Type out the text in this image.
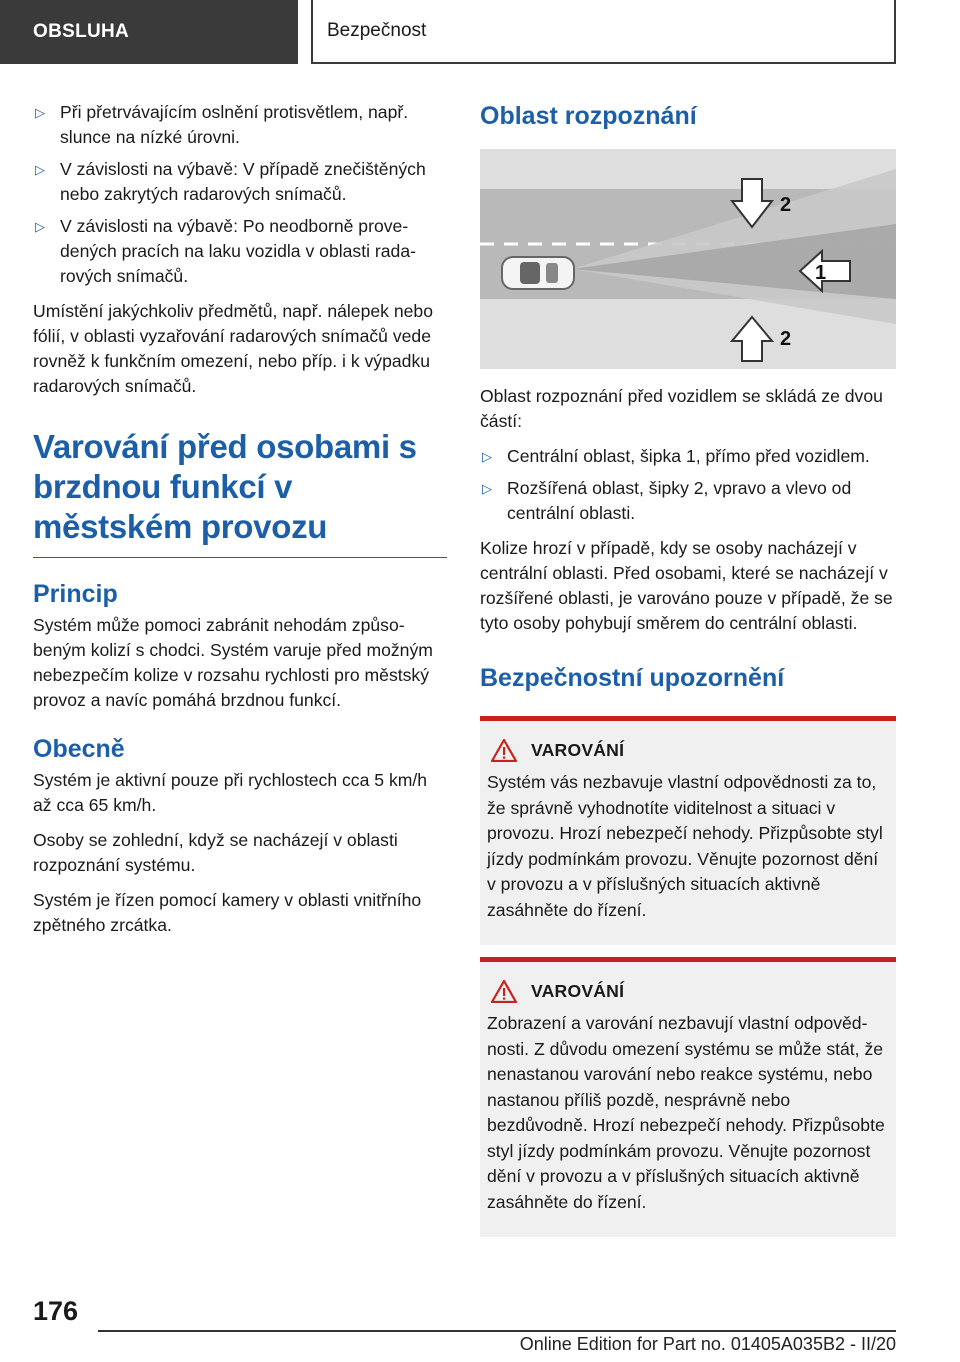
OBSLUHA	Bezpečnost
▷ Při přetrvávajícím oslnění protisvětlem, např. slunce na nízké úrovni.
▷ V závislosti na výbavě: V případě znečištěných nebo zakrytých radarových snímačů.
▷ V závislosti na výbavě: Po neodborně provedených pracích na laku vozidla v oblasti radarových snímačů.

Umístění jakýchkoliv předmětů, např. nálepek nebo fólií, v oblasti vyzařování radarových snímačů vede rovněž k funkčním omezení, nebo příp. i k výpadku radarových snímačů.

Varování před osobami s brzdnou funkcí v městském provozu
Princip

Systém může pomoci zabránit nehodám způsobeným kolizí s chodci. Systém varuje před možným nebezpečím kolize v rozsahu rychlosti pro městský provoz a navíc pomáhá brzdnou funkcí.

Obecně

Systém je aktivní pouze při rychlostech cca 5 km/h až cca 65 km/h.

Osoby se zohlední, když se nacházejí v oblasti rozpoznání systému.

Systém je řízen pomocí kamery v oblasti vnitřního zpětného zrcátka.

Oblast rozpoznání
2
1
2

Oblast rozpoznání před vozidlem se skládá ze dvou částí:

▷ Centrální oblast, šipka 1, přímo před vozidlem.
▷ Rozšířená oblast, šipky 2, vpravo a vlevo od centrální oblasti.

Kolize hrozí v případě, kdy se osoby nacházejí v centrální oblasti. Před osobami, které se nacházejí v rozšířené oblasti, je varováno pouze v případě, že se tyto osoby pohybují směrem do centrální oblasti.

Bezpečnostní upozornění
VAROVÁNÍ

Systém vás nezbavuje vlastní odpovědnosti za to, že správně vyhodnotíte viditelnost a situaci v provozu. Hrozí nebezpečí nehody. Přizpůsobte styl jízdy podmínkám provozu. Věnujte pozornost dění v provozu a v příslušných situacích aktivně zasáhněte do řízení.

VAROVÁNÍ

Zobrazení a varování nezbavují vlastní odpovědnosti. Z důvodu omezení systému se může stát, že nenastanou varování nebo reakce systému, nebo nastanou příliš pozdě, nesprávně nebo bezdůvodně. Hrozí nebezpečí nehody. Přizpůsobte styl jízdy podmínkám provozu. Věnujte pozornost dění v provozu a v příslušných situacích aktivně zasáhněte do řízení.

176
Online Edition for Part no. 01405A035B2 - II/20
